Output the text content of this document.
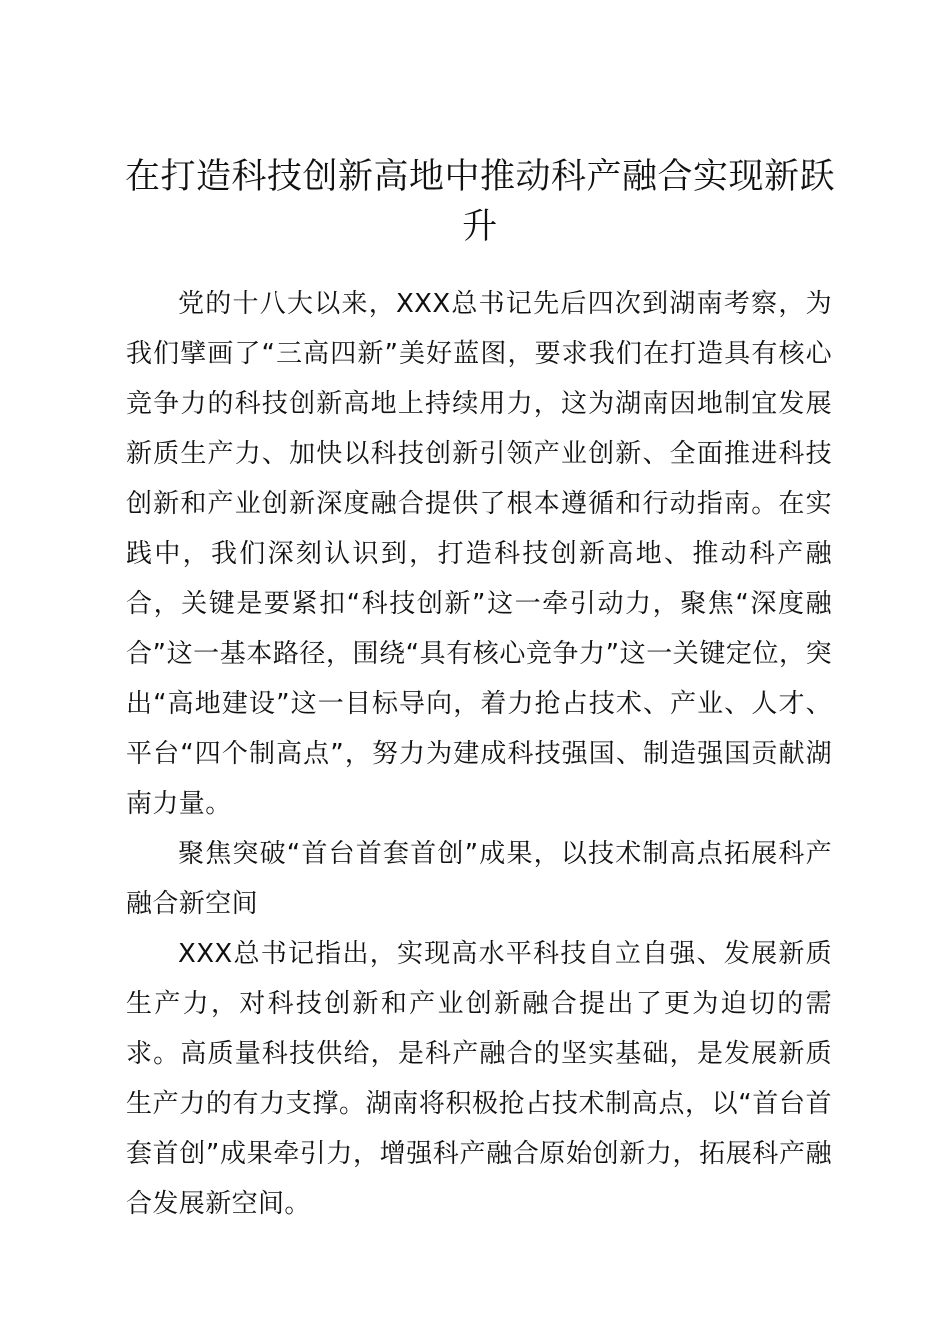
在打造科技创新高地中推动科产融合实现新跃升

党的十八大以来，XXX总书记先后四次到湖南考察，为我们擘画了“三高四新”美好蓝图，要求我们在打造具有核心竞争力的科技创新高地上持续用力，这为湖南因地制宜发展新质生产力、加快以科技创新引领产业创新、全面推进科技创新和产业创新深度融合提供了根本遵循和行动指南。在实践中，我们深刻认识到，打造科技创新高地、推动科产融合，关键是要紧扣“科技创新”这一牵引动力，聚焦“深度融合”这一基本路径，围绕“具有核心竞争力”这一关键定位，突出“高地建设”这一目标导向，着力抢占技术、产业、人才、平台“四个制高点”，努力为建成科技强国、制造强国贡献湖南力量。

聚焦突破“首台首套首创”成果，以技术制高点拓展科产融合新空间

XXX总书记指出，实现高水平科技自立自强、发展新质生产力，对科技创新和产业创新融合提出了更为迫切的需求。高质量科技供给，是科产融合的坚实基础，是发展新质生产力的有力支撑。湖南将积极抢占技术制高点，以“首台首套首创”成果牵引力，增强科产融合原始创新力，拓展科产融合发展新空间。
